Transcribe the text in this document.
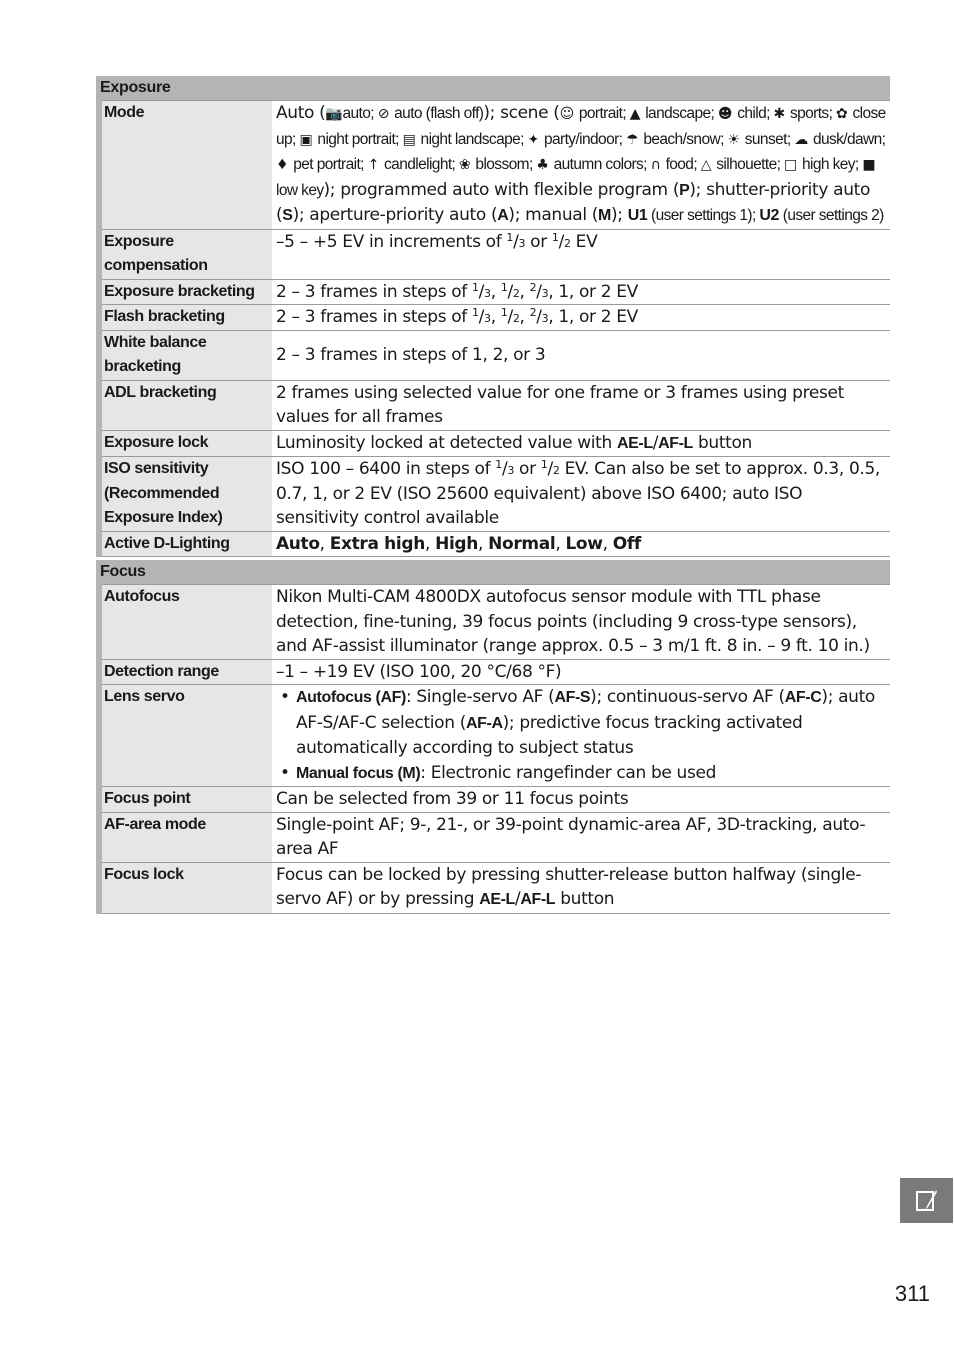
Exposure
Mode	Auto (📷auto; ⊘ auto (flash off)); scene (☺ portrait; ▲ landscape; ☻ child; ✱ sports; ✿ close up; ▣ night portrait; ▤ night landscape; ✦ party/indoor; ☂ beach/snow; ☀ sunset; ☁ dusk/dawn; ♦ pet portrait; ↑ candlelight; ❀ blossom; ♣ autumn colors; ∩ food; △ silhouette; □ high key; ■ low key); programmed auto with flexible program (P); shutter-priority auto (S); aperture-priority auto (A); manual (M); U1 (user settings 1); U2 (user settings 2)
Exposure compensation
–5 – +5 EV in increments of $^1$/3 or $^1$/2 EV
Exposure bracketing	2 – 3 frames in steps of $^1$/3, $^1$/2, $^2$/3, 1, or 2 EV
Flash bracketing	2 – 3 frames in steps of $^1$/3, $^1$/2, $^2$/3, 1, or 2 EV
White balance
bracketing
2 – 3 frames in steps of 1, 2, or 3
ADL bracketing	2 frames using selected value for one frame or 3 frames using preset values for all frames
Exposure lock	Luminosity locked at detected value with AE-L/AF-L button
ISO sensitivity
(Recommended
Exposure Index)
ISO 100 – 6400 in steps of $^1$/3 or $^1$/2 EV. Can also be set to approx. 0.3, 0.5, 0.7, 1, or 2 EV (ISO 25600 equivalent) above ISO 6400; auto ISO sensitivity control available
Active D-Lighting	Auto, Extra high, High, Normal, Low, Off
Focus
Autofocus	Nikon Multi-CAM 4800DX autofocus sensor module with TTL phase detection, fine-tuning, 39 focus points (including 9 cross-type sensors), and AF-assist illuminator (range approx. 0.5 – 3 m/1 ft. 8 in. – 9 ft. 10 in.)
Detection range	–1 – +19 EV (ISO 100, 20 °C/68 °F)
Lens servo
•	Autofocus (AF): Single-servo AF (AF-S); continuous-servo AF (AF-C); auto AF-S/AF-C selection (AF-A); predictive focus tracking activated automatically according to subject status
• Manual focus (M): Electronic rangefinder can be used
Focus point	Can be selected from 39 or 11 focus points
AF-area mode	Single-point AF; 9-, 21-, or 39-point dynamic-area AF, 3D-tracking, auto-area AF
Focus lock	Focus can be locked by pressing shutter-release button halfway (single-servo AF) or by pressing AE-L/AF-L button
311
